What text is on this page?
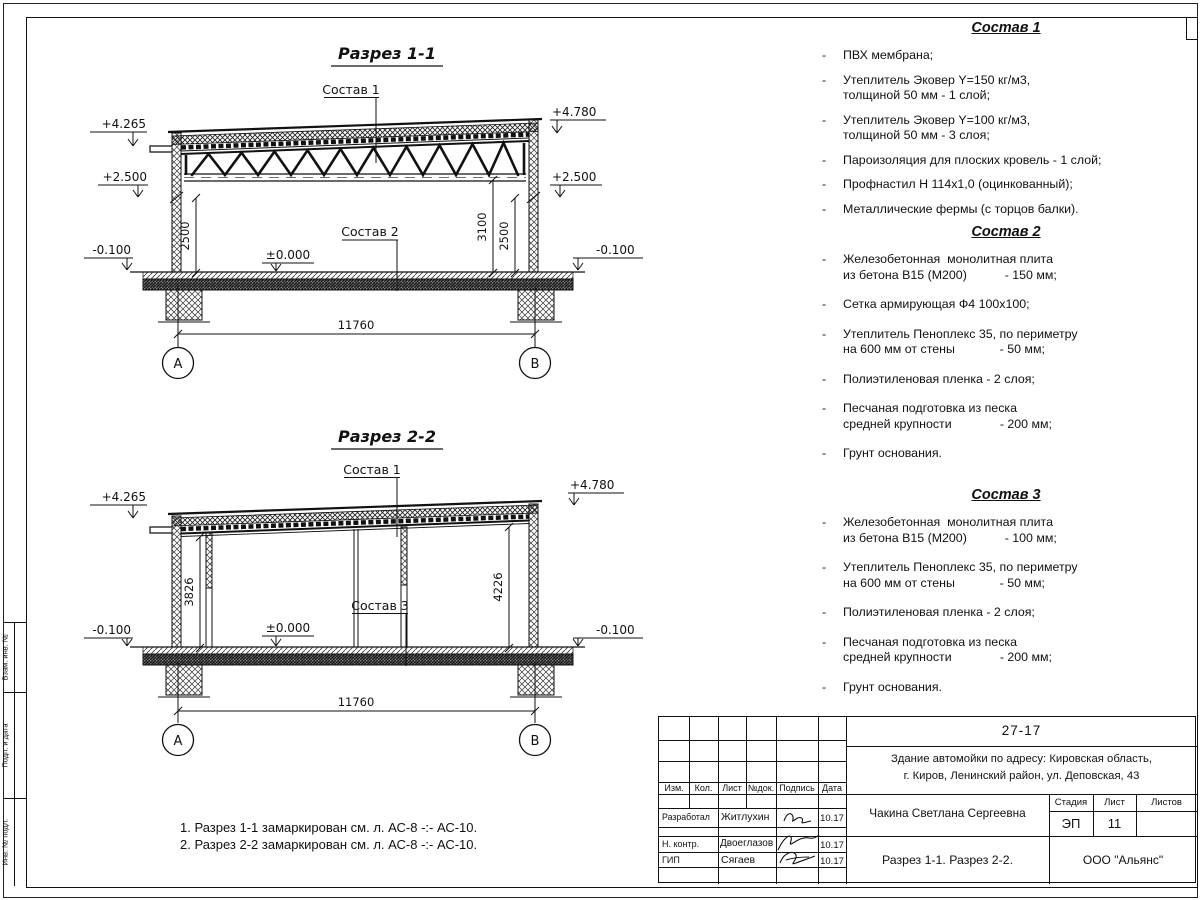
Взам. инв. №
Подп. и дата
Инв. № подл.
Разрез 1-1
Состав 1
Состав 2
+4.265
+4.780
+2.500	+2.500
±0.000
-0.100	-0.100
2500	3100 2500
11760
А	В
Разрез 2-2
Состав 1
Состав 3
+4.265
+4.780
±0.000
-0.100	-0.100
3826	4226
11760
А	В
Состав 1
-	ПВХ мембрана;
-	Утеплитель Эковер Y=150 кг/м3,
толщиной 50 мм - 1 слой;
-	Утеплитель Эковер Y=100 кг/м3,
толщиной 50 мм - 3 слоя;
-	Пароизоляция для плоских кровель - 1 слой;
-	Профнастил Н 114х1,0 (оцинкованный);
-	Металлические фермы (с торцов балки).
Состав 2
-	Железобетонная  монолитная плита
из бетона В15 (М200)           - 150 мм;
-	Сетка армирующая Ф4 100х100;
-	Утеплитель Пеноплекс 35, по периметру
на 600 мм от стены             - 50 мм;
-	Полиэтиленовая пленка - 2 слоя;
-	Песчаная подготовка из песка
средней крупности              - 200 мм;
-	Грунт основания.
Состав 3
-	Железобетонная  монолитная плита
из бетона В15 (М200)           - 100 мм;
-	Утеплитель Пеноплекс 35, по периметру
на 600 мм от стены             - 50 мм;
-	Полиэтиленовая пленка - 2 слоя;
-	Песчаная подготовка из песка
средней крупности              - 200 мм;
-	Грунт основания.
1. Разрез 1-1 замаркирован см. л. АС-8 -:- АС-10.
2. Разрез 2-2 замаркирован см. л. АС-8 -:- АС-10.
Изм.	Кол.	Лист №док. Подпись Дата
Разработал Житлухин	10.17
Н. контр. Двоеглазов	10.17
ГИП	Сягаев	10.17
27-17
Здание автомойки по адресу: Кировская область,
г. Киров, Ленинский район, ул. Деповская, 43
Чакина Светлана Сергеевна
Стадия	Лист	Листов
ЭП	11
Разрез 1-1. Разрез 2-2.	ООО "Альянс"
